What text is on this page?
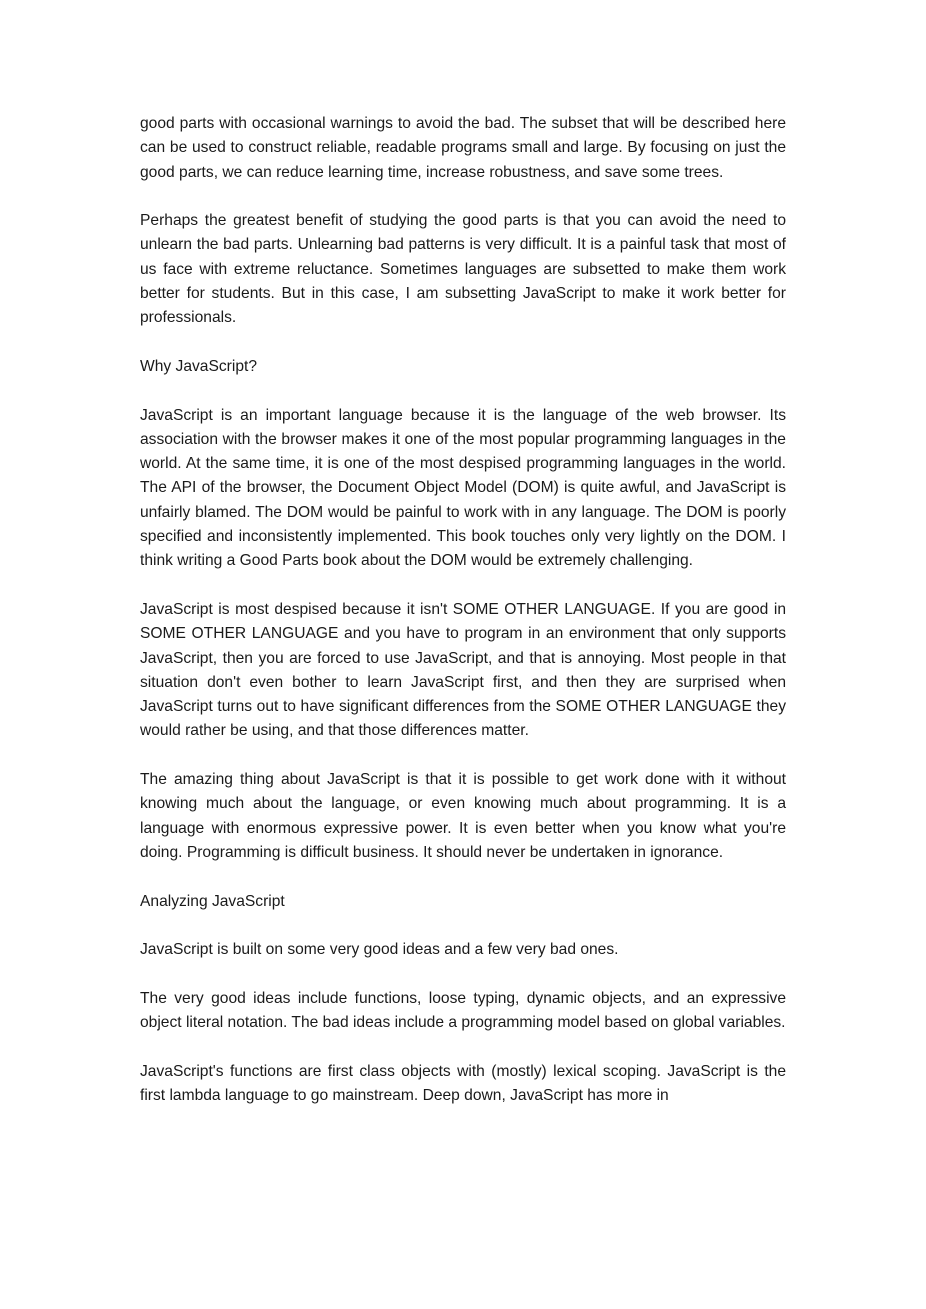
good parts with occasional warnings to avoid the bad. The subset that will be described here can be used to construct reliable, readable programs small and large. By focusing on just the good parts, we can reduce learning time, increase robustness, and save some trees.

Perhaps the greatest benefit of studying the good parts is that you can avoid the need to unlearn the bad parts. Unlearning bad patterns is very difficult. It is a painful task that most of us face with extreme reluctance. Sometimes languages are subsetted to make them work better for students. But in this case, I am subsetting JavaScript to make it work better for professionals.

Why JavaScript?

JavaScript is an important language because it is the language of the web browser. Its association with the browser makes it one of the most popular programming languages in the world. At the same time, it is one of the most despised programming languages in the world. The API of the browser, the Document Object Model (DOM) is quite awful, and JavaScript is unfairly blamed. The DOM would be painful to work with in any language. The DOM is poorly specified and inconsistently implemented. This book touches only very lightly on the DOM. I think writing a Good Parts book about the DOM would be extremely challenging.

JavaScript is most despised because it isn't SOME OTHER LANGUAGE. If you are good in SOME OTHER LANGUAGE and you have to program in an environment that only supports JavaScript, then you are forced to use JavaScript, and that is annoying. Most people in that situation don't even bother to learn JavaScript first, and then they are surprised when JavaScript turns out to have significant differences from the SOME OTHER LANGUAGE they would rather be using, and that those differences matter.

The amazing thing about JavaScript is that it is possible to get work done with it without knowing much about the language, or even knowing much about programming. It is a language with enormous expressive power. It is even better when you know what you're doing. Programming is difficult business. It should never be undertaken in ignorance.

Analyzing JavaScript

JavaScript is built on some very good ideas and a few very bad ones.

The very good ideas include functions, loose typing, dynamic objects, and an expressive object literal notation. The bad ideas include a programming model based on global variables.

JavaScript's functions are first class objects with (mostly) lexical scoping. JavaScript is the first lambda language to go mainstream. Deep down, JavaScript has more in
